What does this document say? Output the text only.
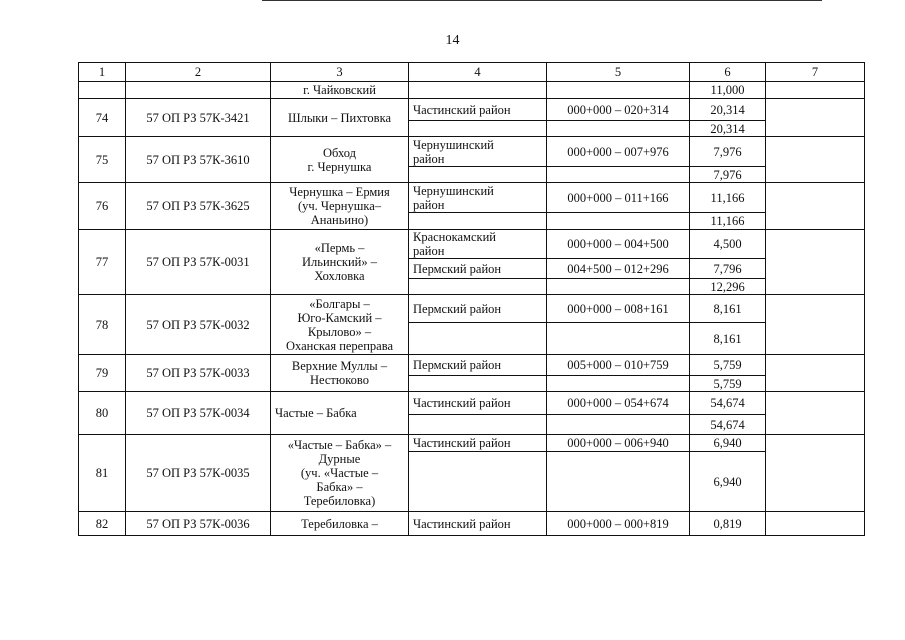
14
1	2	3	4	5	6	7
		г. Чайковский			11,000	
74	57 ОП РЗ 57К-3421	Шлыки – Пихтовка	Частинский район	000+000 – 020+314	20,314	
					20,314	
75	57 ОП РЗ 57К-3610	Обход
г. Чернушка	Чернушинский
район	000+000 – 007+976	7,976	
					7,976	
76	57 ОП РЗ 57К-3625	Чернушка – Ермия
(уч. Чернушка–
Ананьино)	Чернушинский
район	000+000 – 011+166	11,166	
					11,166	
77	57 ОП РЗ 57К-0031	«Пермь –
Ильинский» –
Хохловка	Краснокамский
район	000+000 – 004+500	4,500	
			Пермский район	004+500 – 012+296	7,796	
					12,296	
78	57 ОП РЗ 57К-0032	«Болгары –
Юго-Камский –
Крылово» –
Оханская переправа	Пермский район	000+000 – 008+161	8,161	
					8,161	
79	57 ОП РЗ 57К-0033	Верхние Муллы –
Нестюково	Пермский район	005+000 – 010+759	5,759	
					5,759	
80	57 ОП РЗ 57К-0034	Частые – Бабка	Частинский район	000+000 – 054+674	54,674	
					54,674	
81	57 ОП РЗ 57К-0035	«Частые – Бабка» –
Дурные
(уч. «Частые –
Бабка» –
Теребиловка)	Частинский район	000+000 – 006+940	6,940	
					6,940	
82	57 ОП РЗ 57К-0036	Теребиловка –	Частинский район	000+000 – 000+819	0,819	
